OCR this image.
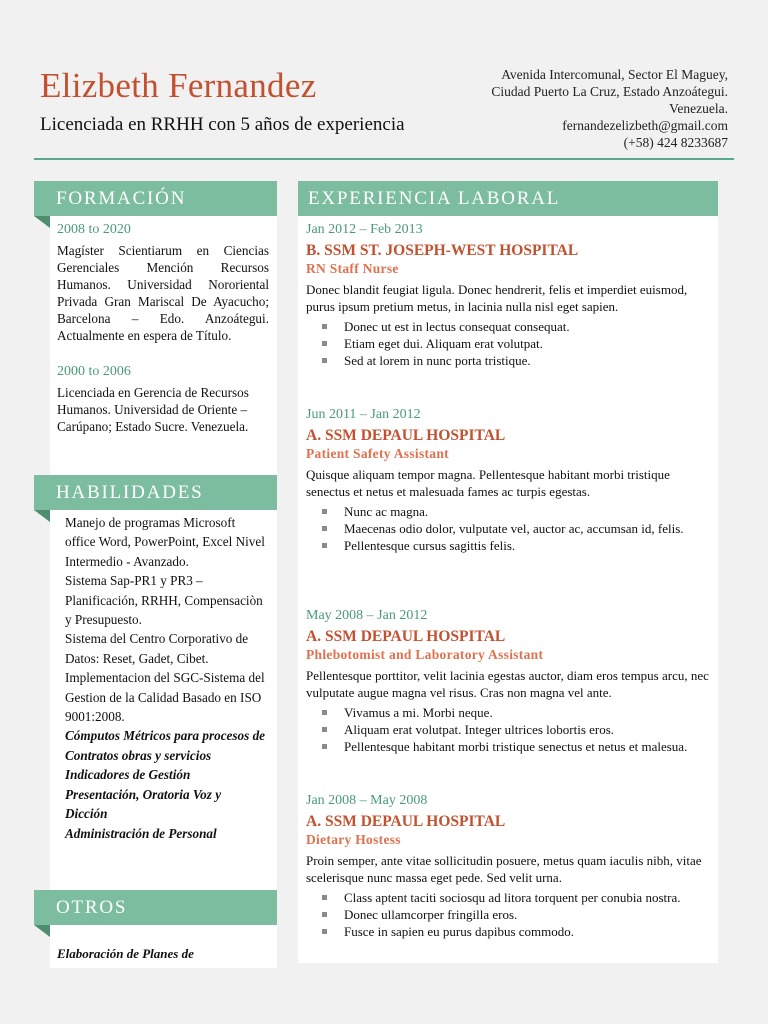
Elizbeth Fernandez

Licenciada en RRHH con 5 años de experiencia

Avenida Intercomunal, Sector El Maguey,
Ciudad Puerto La Cruz, Estado Anzoátegui.
Venezuela.
fernandezelizbeth@gmail.com
(+58) 424 8233687
FORMACIÓN
2008 to 2020
Magíster Scientiarum en Ciencias Gerenciales Mención Recursos Humanos. Universidad Nororiental Privada Gran Mariscal De Ayacucho; Barcelona – Edo. Anzoátegui. Actualmente en espera de Título.
2000 to 2006
Licenciada en Gerencia de Recursos Humanos. Universidad de Oriente – Carúpano; Estado Sucre. Venezuela.
HABILIDADES
Manejo de programas Microsoft office Word, PowerPoint, Excel Nivel Intermedio - Avanzado.
Sistema Sap-PR1 y PR3 – Planificación, RRHH, Compensaciòn y Presupuesto.
Sistema del Centro Corporativo de Datos: Reset, Gadet, Cibet.
Implementacion del SGC-Sistema del Gestion de la Calidad Basado en ISO 9001:2008.
Cómputos Métricos para procesos de Contratos obras y servicios
Indicadores de Gestión
Presentación, Oratoria Voz y Dicción
Administración de Personal
OTROS
Elaboración de Planes de
EXPERIENCIA LABORAL
Jan 2012 – Feb 2013
B. SSM ST. JOSEPH-WEST HOSPITAL
RN Staff Nurse
Donec blandit feugiat ligula. Donec hendrerit, felis et imperdiet euismod, purus ipsum pretium metus, in lacinia nulla nisl eget sapien.
Donec ut est in lectus consequat consequat.
Etiam eget dui. Aliquam erat volutpat.
Sed at lorem in nunc porta tristique.
Jun 2011 – Jan 2012
A. SSM DEPAUL HOSPITAL
Patient Safety Assistant
Quisque aliquam tempor magna. Pellentesque habitant morbi tristique senectus et netus et malesuada fames ac turpis egestas.
Nunc ac magna.
Maecenas odio dolor, vulputate vel, auctor ac, accumsan id, felis.
Pellentesque cursus sagittis felis.
May 2008 – Jan 2012
A. SSM DEPAUL HOSPITAL
Phlebotomist and Laboratory Assistant
Pellentesque porttitor, velit lacinia egestas auctor, diam eros tempus arcu, nec vulputate augue magna vel risus. Cras non magna vel ante.
Vivamus a mi. Morbi neque.
Aliquam erat volutpat. Integer ultrices lobortis eros.
Pellentesque habitant morbi tristique senectus et netus et malesua.
Jan 2008 – May 2008
A. SSM DEPAUL HOSPITAL
Dietary Hostess
Proin semper, ante vitae sollicitudin posuere, metus quam iaculis nibh, vitae scelerisque nunc massa eget pede. Sed velit urna.
Class aptent taciti sociosqu ad litora torquent per conubia nostra.
Donec ullamcorper fringilla eros.
Fusce in sapien eu purus dapibus commodo.
